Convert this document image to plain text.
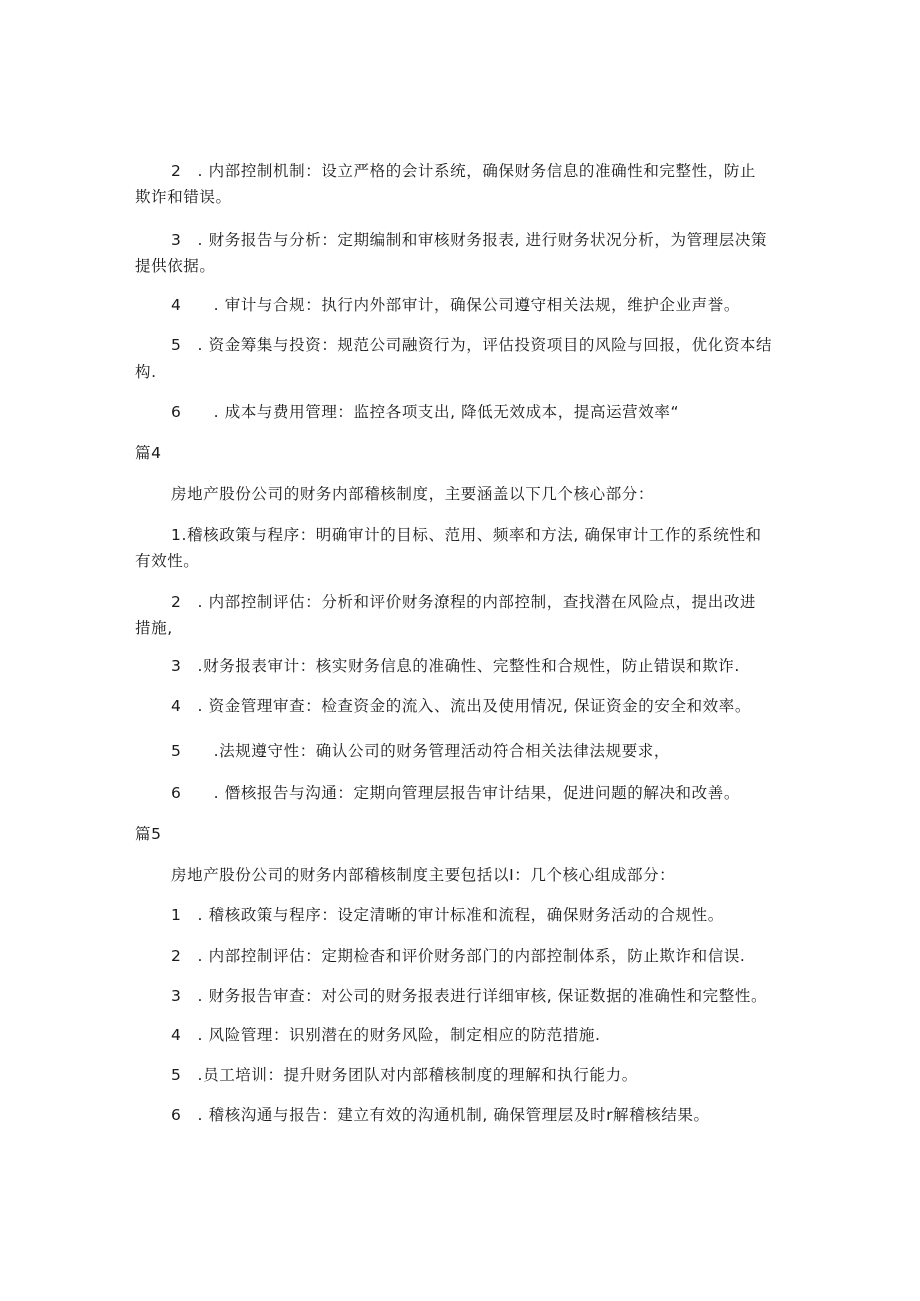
2　. 内部控制机制：设立严格的会计系统，确保财务信息的准确性和完整性，防止
欺诈和错误。
3　. 财务报告与分析：定期编制和审核财务报表, 进行财务状况分析，为管理层决策
提供依据。
4　　. 审计与合规：执行内外部审计，确保公司遵守相关法规，维护企业声誉。
5　. 资金筹集与投资：规范公司融资行为，评估投资项目的风险与回报，优化资本结
构.
6　　. 成本与费用管理：监控各项支出, 降低无效成本，提高运营效率“
篇4
房地产股份公司的财务内部稽核制度，主要涵盖以下几个核心部分：
1.稽核政策与程序：明确审计的目标、范用、频率和方法, 确保审计工作的系统性和
有效性。
2　. 内部控制评估：分析和评价财务潦程的内部控制，查找潜在风险点，提出改进
措施,
3　.财务报表审计：核实财务信息的准确性、完整性和合规性，防止错误和欺诈.
4　. 资金管理审查：检查资金的流入、流出及使用情况, 保证资金的安全和效率。
5　　.法规遵守性：确认公司的财务管理活动符合相关法律法规要求，
6　　. 僭核报告与沟通：定期向管理层报告审计结果，促进问题的解决和改善。
篇5
房地产股份公司的财务内部稽核制度主要包括以I：几个核心组成部分：
1　. 稽核政策与程序：设定清晰的审计标准和流程，确保财务活动的合规性。
2　. 内部控制评估：定期检杳和评价财务部门的内部控制体系，防止欺诈和信误.
3　. 财务报告审查：对公司的财务报表进行详细审核, 保证数据的准确性和完整性。
4　. 风险管理：识别潜在的财务风险，制定相应的防范措施.
5　.员工培训：提升财务团队对内部稽核制度的理解和执行能力。
6　. 稽核沟通与报告：建立有效的沟通机制, 确保管理层及时r解稽核结果。
